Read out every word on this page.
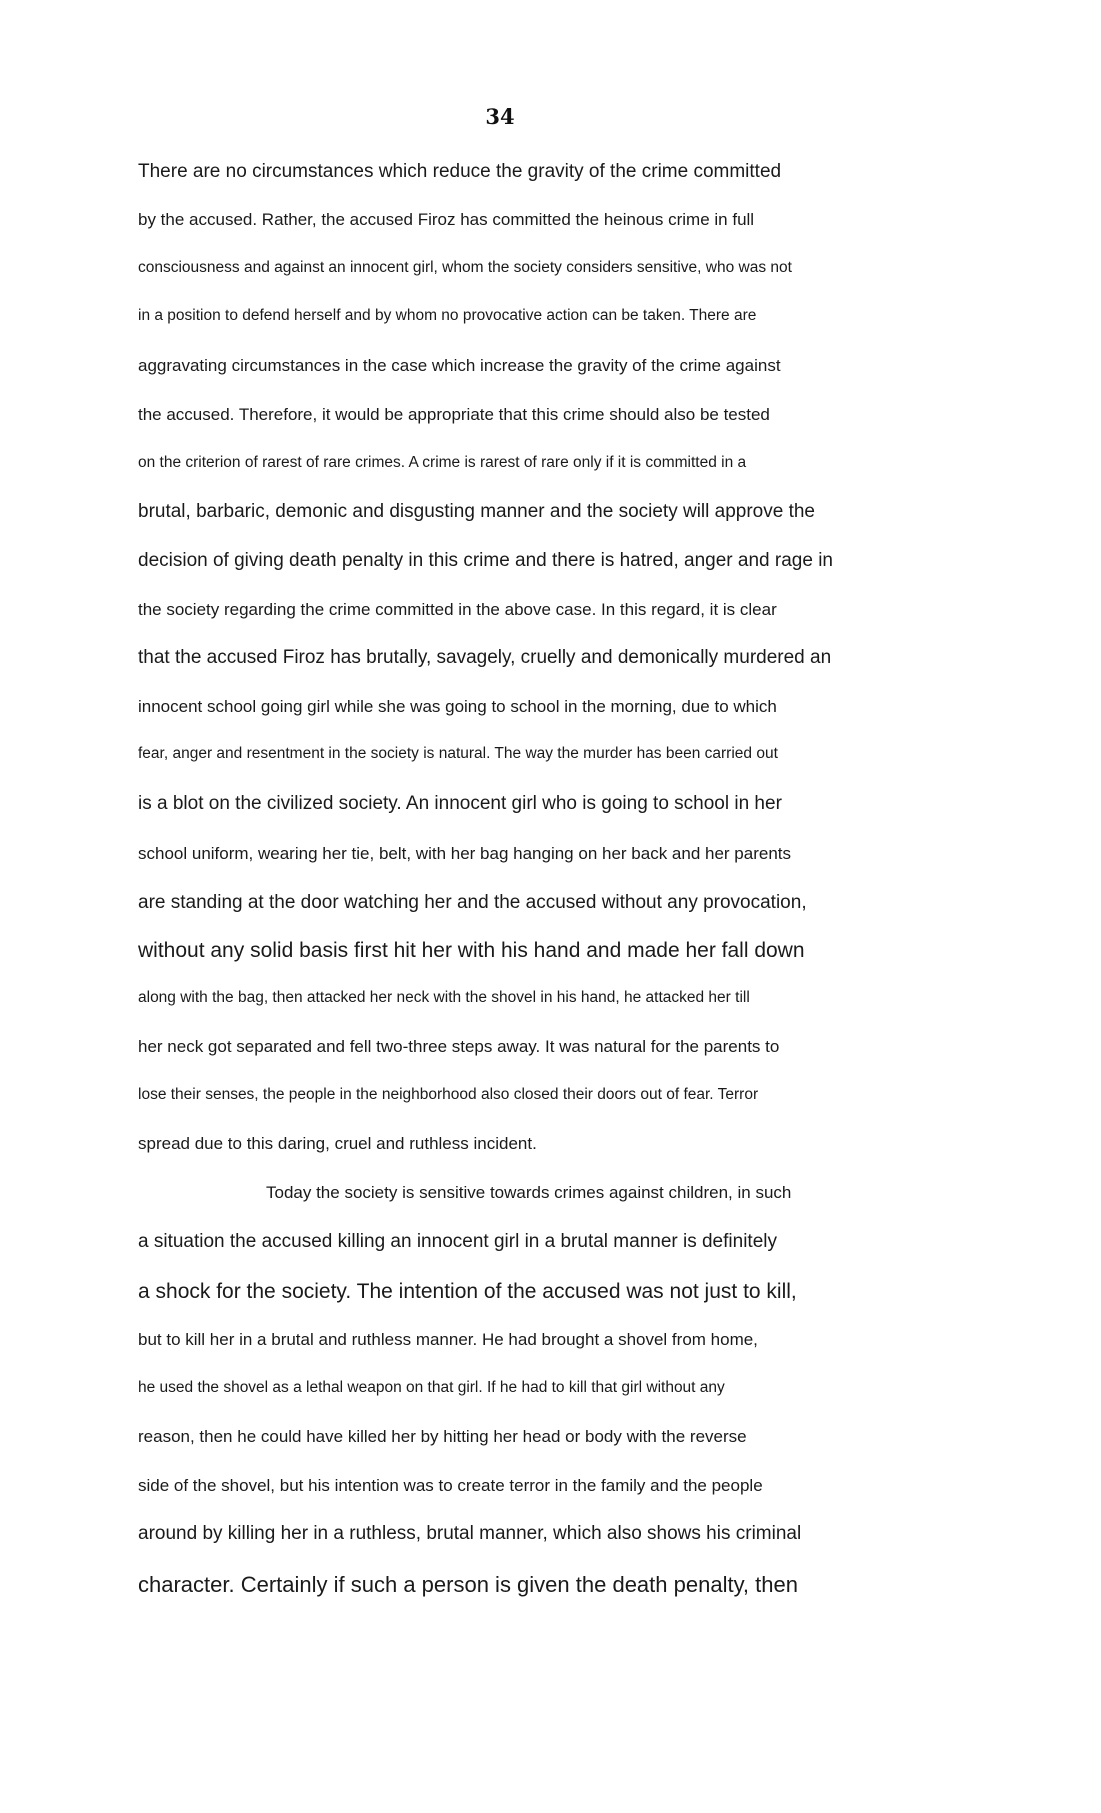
34
There are no circumstances which reduce the gravity of the crime committed
by the accused. Rather, the accused Firoz has committed the heinous crime in full
consciousness and against an innocent girl, whom the society considers sensitive, who was not
in a position to defend herself and by whom no provocative action can be taken. There are
aggravating circumstances in the case which increase the gravity of the crime against
the accused. Therefore, it would be appropriate that this crime should also be tested
on the criterion of rarest of rare crimes. A crime is rarest of rare only if it is committed in a
brutal, barbaric, demonic and disgusting manner and the society will approve the
decision of giving death penalty in this crime and there is hatred, anger and rage in
the society regarding the crime committed in the above case. In this regard, it is clear
that the accused Firoz has brutally, savagely, cruelly and demonically murdered an
innocent school going girl while she was going to school in the morning, due to which
fear, anger and resentment in the society is natural. The way the murder has been carried out
is a blot on the civilized society. An innocent girl who is going to school in her
school uniform, wearing her tie, belt, with her bag hanging on her back and her parents
are standing at the door watching her and the accused without any provocation,
without any solid basis first hit her with his hand and made her fall down
along with the bag, then attacked her neck with the shovel in his hand, he attacked her till
her neck got separated and fell two-three steps away. It was natural for the parents to
lose their senses, the people in the neighborhood also closed their doors out of fear. Terror
spread due to this daring, cruel and ruthless incident.
Today the society is sensitive towards crimes against children, in such
a situation the accused killing an innocent girl in a brutal manner is definitely
a shock for the society. The intention of the accused was not just to kill,
but to kill her in a brutal and ruthless manner. He had brought a shovel from home,
he used the shovel as a lethal weapon on that girl. If he had to kill that girl without any
reason, then he could have killed her by hitting her head or body with the reverse
side of the shovel, but his intention was to create terror in the family and the people
around by killing her in a ruthless, brutal manner, which also shows his criminal
character. Certainly if such a person is given the death penalty, then
